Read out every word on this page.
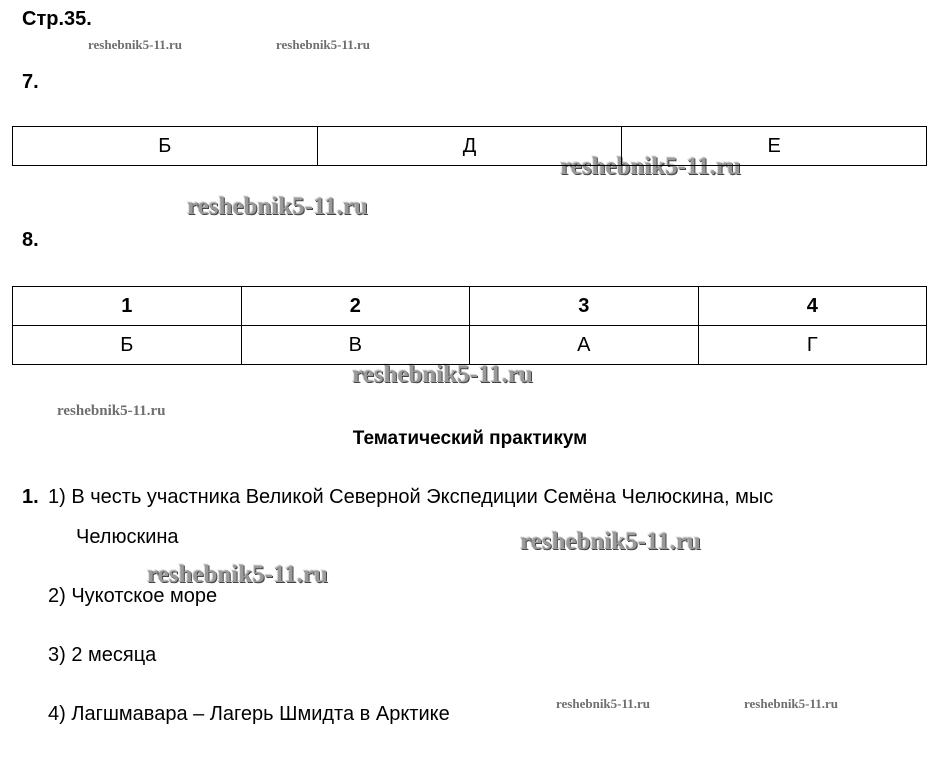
Стр.35.
reshebnik5-11.ru	reshebnik5-11.ru
reshebnik5-11.ru
reshebnik5-11.ru
reshebnik5-11.ru
reshebnik5-11.ru
reshebnik5-11.ru
reshebnik5-11.ru
reshebnik5-11.ru	reshebnik5-11.ru
7.
Б	Д	Е
8.
1	2	3	4
Б	В	А	Г
Тематический практикум
1. 1) В честь участника Великой Северной Экспедиции Семёна Челюскина, мыс
Челюскина
2) Чукотское море
3) 2 месяца
4) Лагшмавара – Лагерь Шмидта в Арктике
